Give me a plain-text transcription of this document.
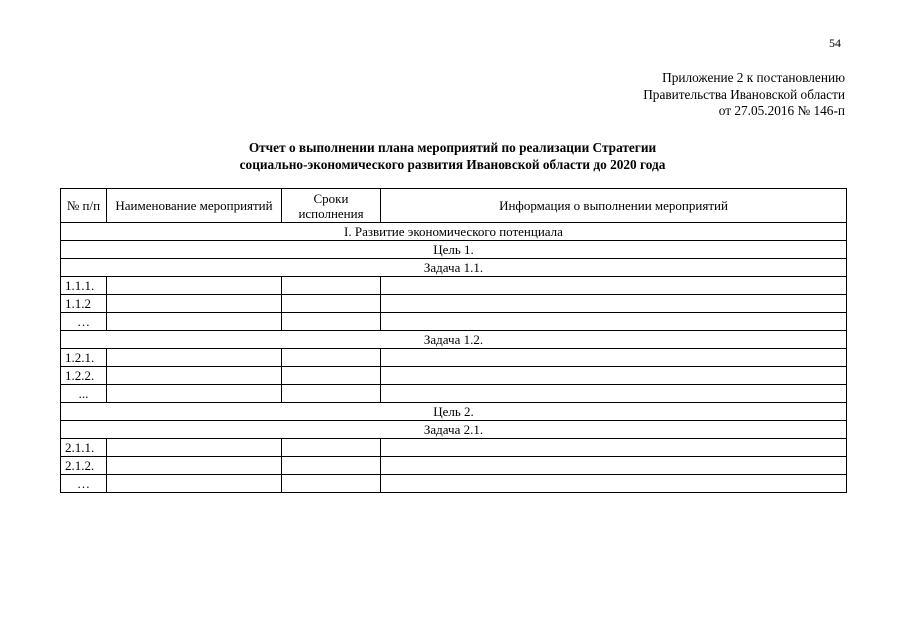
54
Приложение 2 к постановлению
Правительства Ивановской области
от 27.05.2016 № 146-п
Отчет о выполнении плана мероприятий по реализации Стратегии
социально-экономического развития Ивановской области до 2020 года
№ п/п	Наименование мероприятий	Сроки исполнения	Информация о выполнении мероприятий
I. Развитие экономического потенциала			
Цель 1.			
Задача 1.1.			
1.1.1.			
1.1.2			
…			
Задача 1.2.			
1.2.1.			
1.2.2.			
...			
Цель 2.			
Задача 2.1.			
2.1.1.			
2.1.2.			
…			
